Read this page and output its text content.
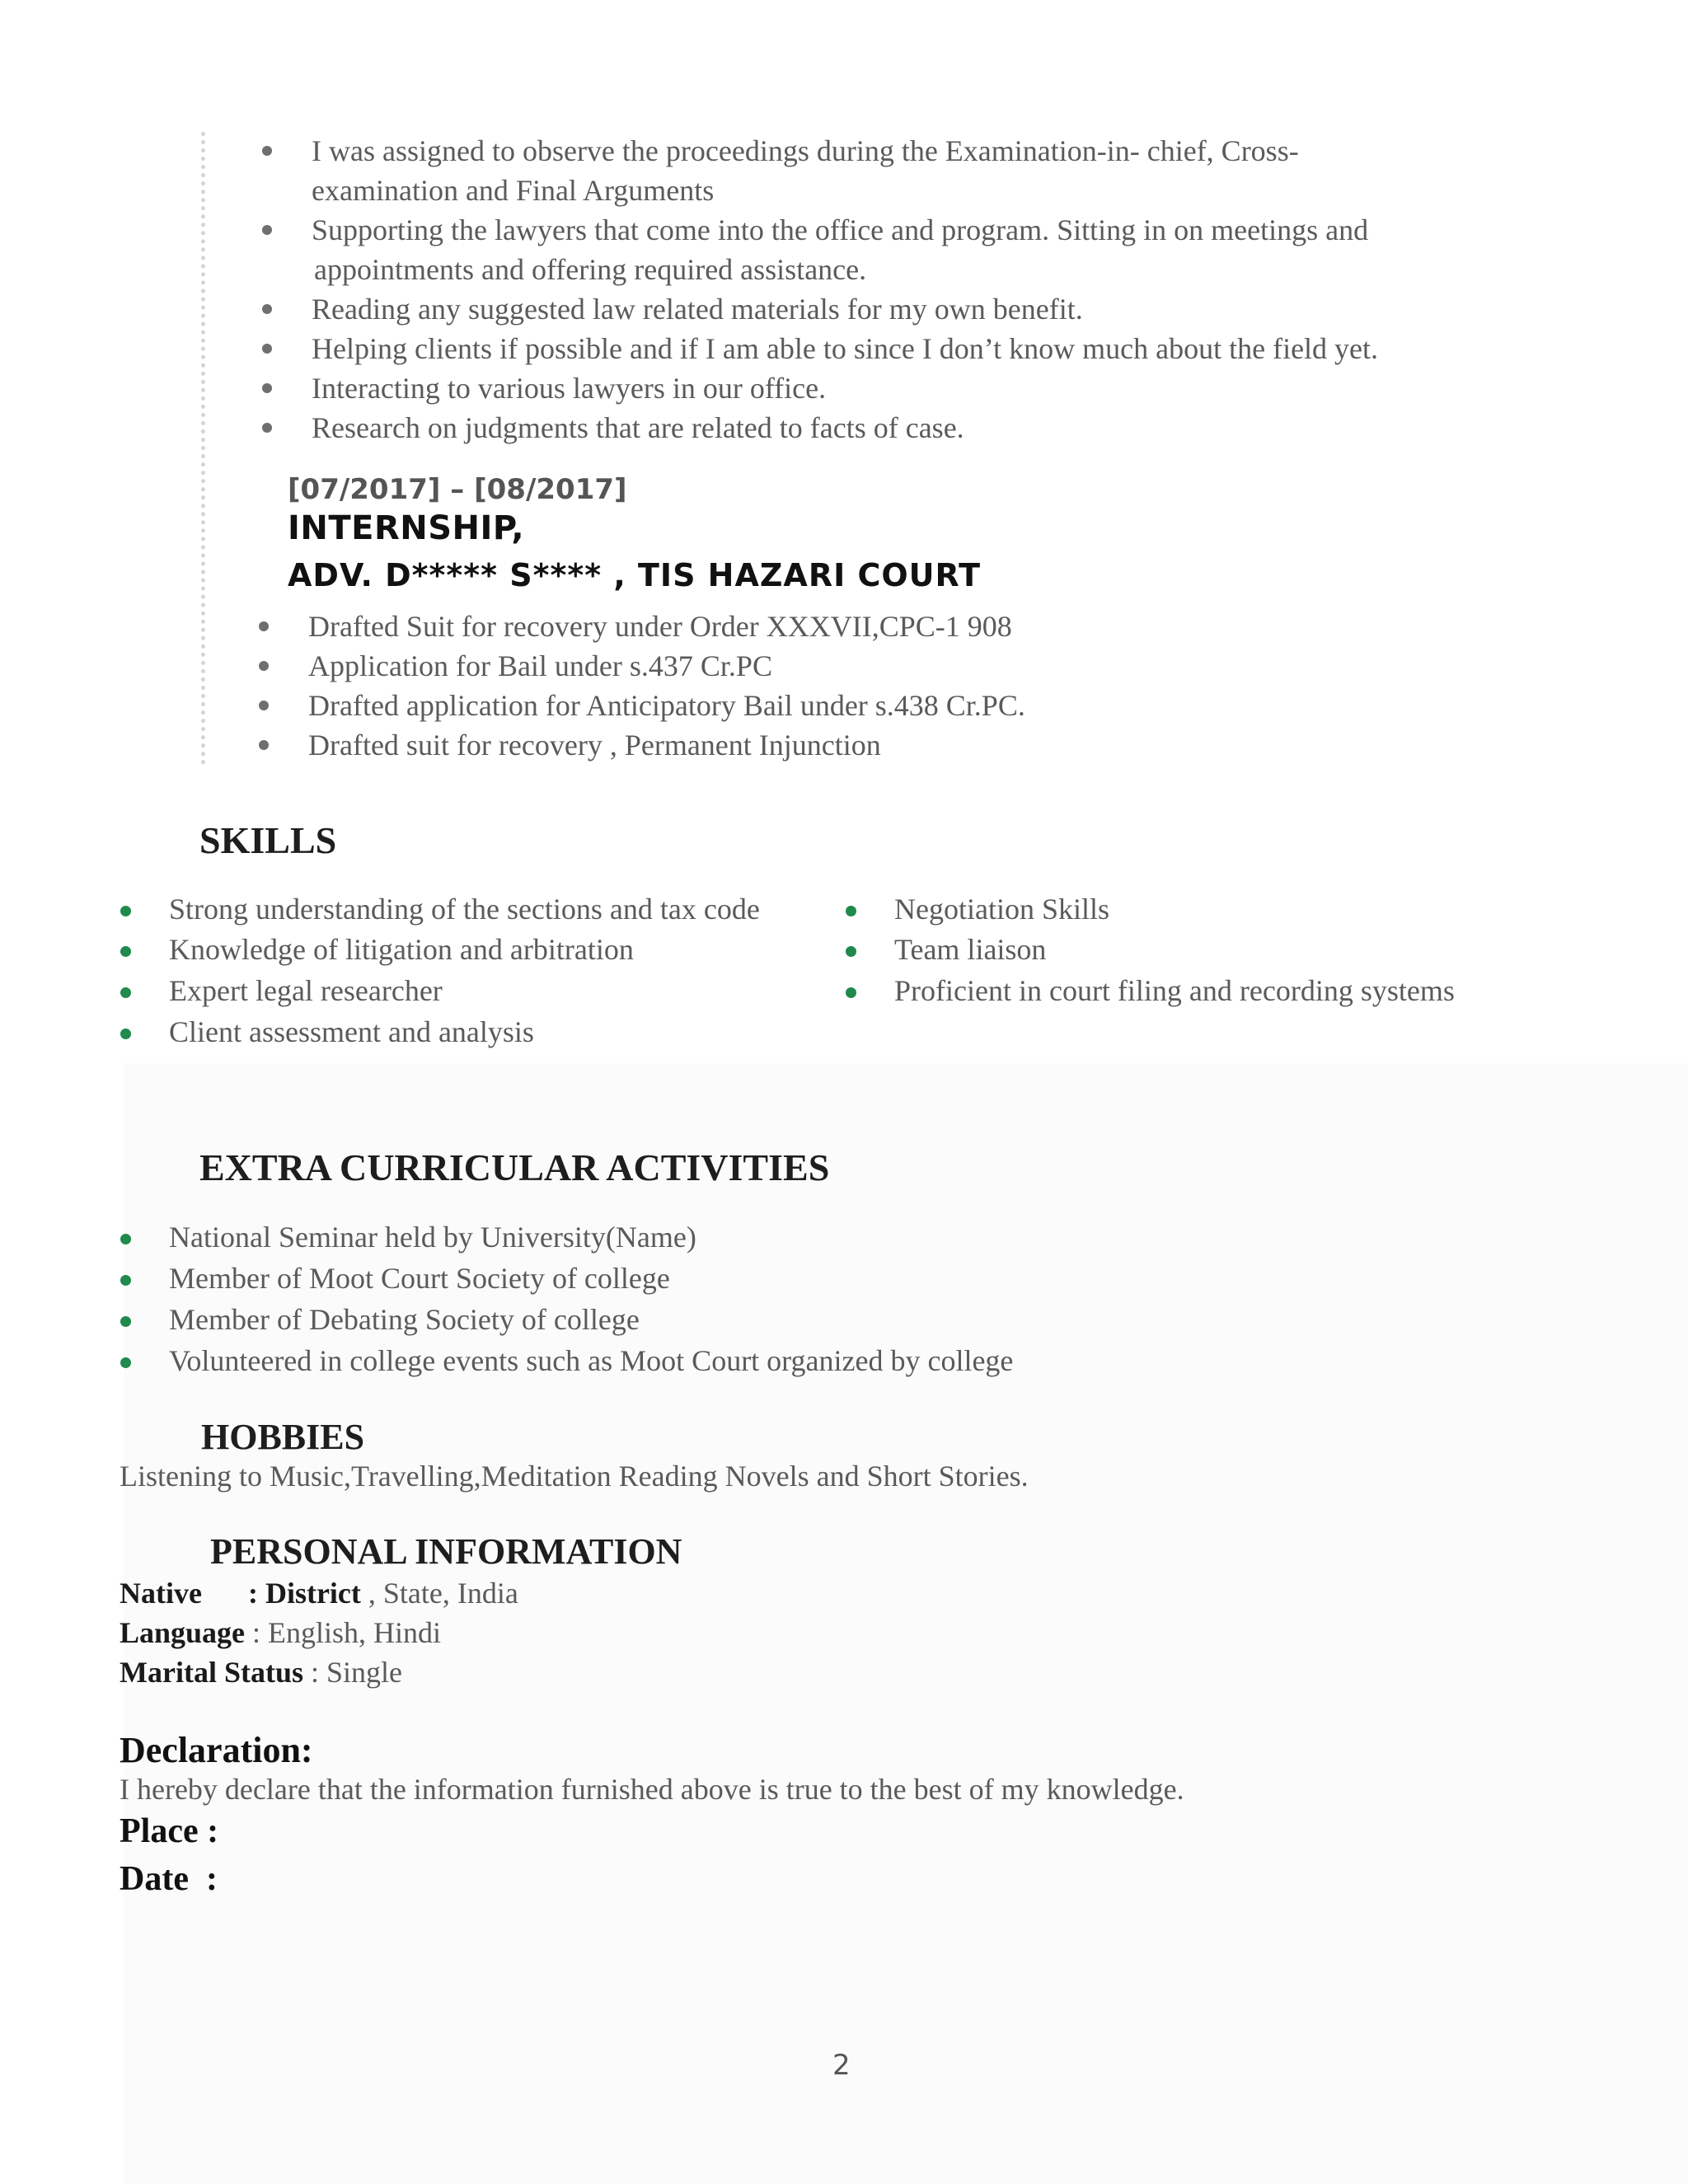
I was assigned to observe the proceedings during the Examination-in- chief, Cross-
examination and Final Arguments
Supporting the lawyers that come into the office and program. Sitting in on meetings and
appointments and offering required assistance.
Reading any suggested law related materials for my own benefit.
Helping clients if possible and if I am able to since I don’t know much about the field yet.
Interacting to various lawyers in our office.
Research on judgments that are related to facts of case.
[07/2017] – [08/2017]
INTERNSHIP,
ADV. D***** S**** , TIS HAZARI COURT
Drafted Suit for recovery under Order XXXVII,CPC-1 908
Application for Bail under s.437 Cr.PC
Drafted application for Anticipatory Bail under s.438 Cr.PC.
Drafted suit for recovery , Permanent Injunction
SKILLS
Strong understanding of the sections and tax code
Knowledge of litigation and arbitration
Expert legal researcher
Client assessment and analysis
Negotiation Skills
Team liaison
Proficient in court filing and recording systems
EXTRA CURRICULAR ACTIVITIES
National Seminar held by University(Name)
Member of Moot Court Society of college
Member of Debating Society of college
Volunteered in college events such as Moot Court organized by college
HOBBIES
Listening to Music,Travelling,Meditation Reading Novels and Short Stories.
PERSONAL INFORMATION
Native : District , State, India
Language : English, Hindi
Marital Status : Single
Declaration:
I hereby declare that the information furnished above is true to the best of my knowledge.
Place :
Date  :
2
